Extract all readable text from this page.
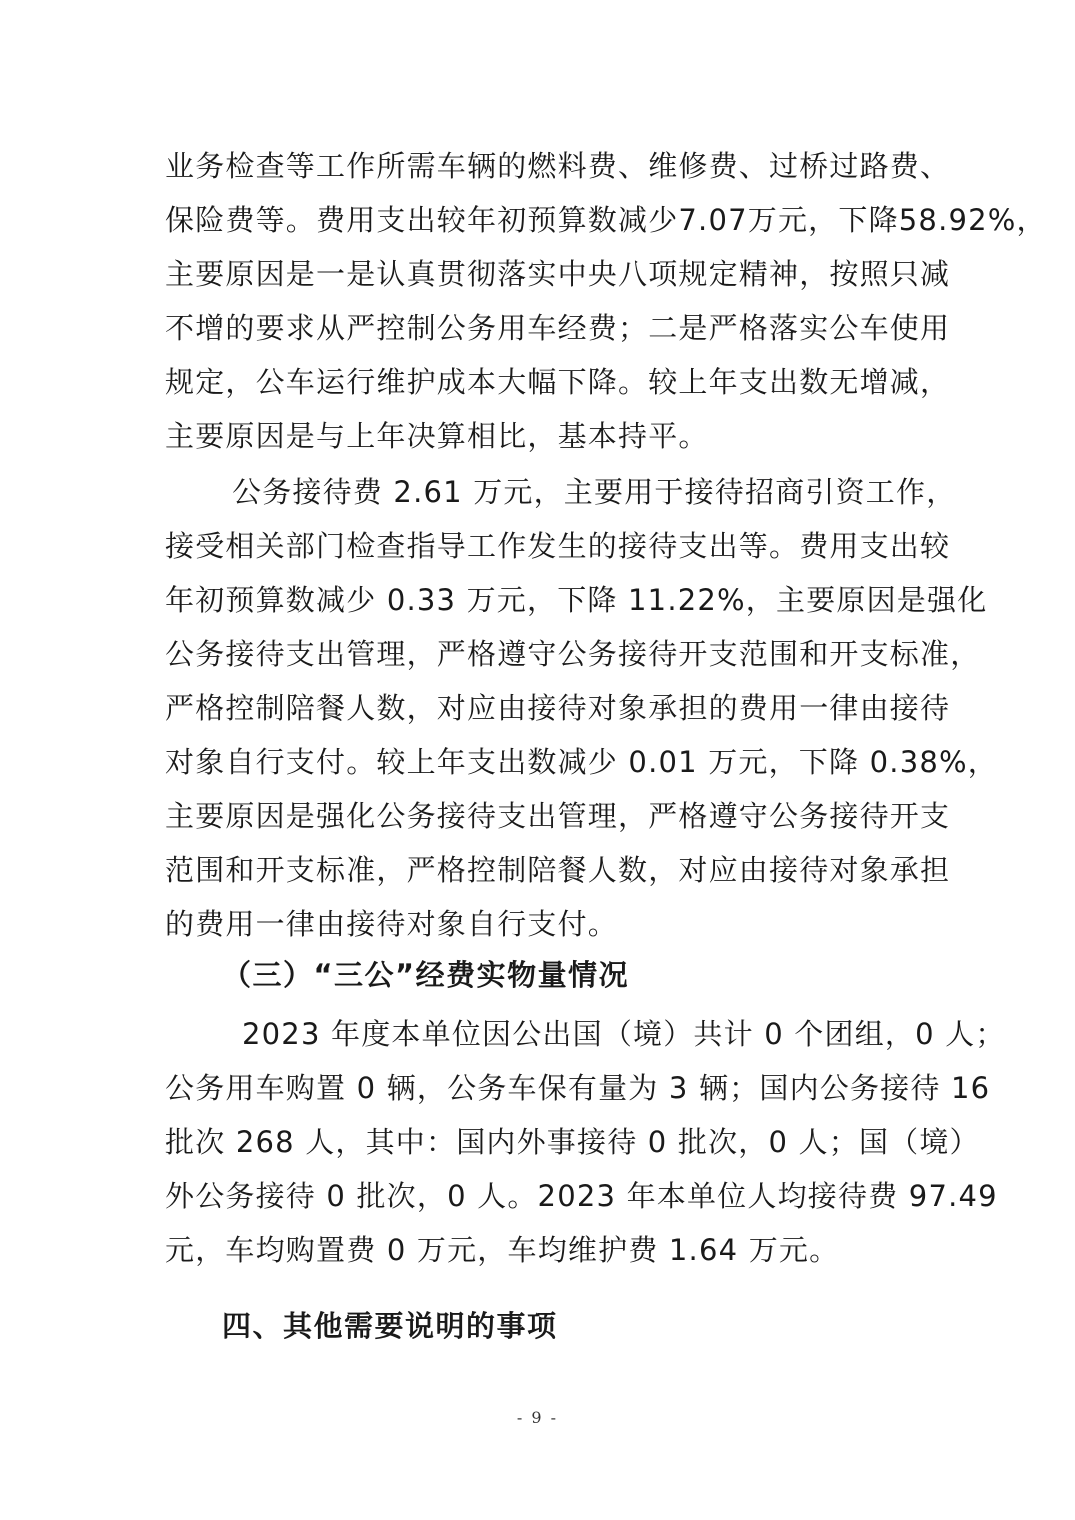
业务检查等工作所需车辆的燃料费、维修费、过桥过路费、
保险费等。费用支出较年初预算数减少7.07万元，下降58.92%，
主要原因是一是认真贯彻落实中央八项规定精神，按照只减
不增的要求从严控制公务用车经费；二是严格落实公车使用
规定，公车运行维护成本大幅下降。较上年支出数无增减，
主要原因是与上年决算相比，基本持平。
公务接待费 2.61 万元，主要用于接待招商引资工作，
接受相关部门检查指导工作发生的接待支出等。费用支出较
年初预算数减少 0.33 万元，下降 11.22%，主要原因是强化
公务接待支出管理，严格遵守公务接待开支范围和开支标准，
严格控制陪餐人数，对应由接待对象承担的费用一律由接待
对象自行支付。较上年支出数减少 0.01 万元，下降 0.38%，
主要原因是强化公务接待支出管理，严格遵守公务接待开支
范围和开支标准，严格控制陪餐人数，对应由接待对象承担
的费用一律由接待对象自行支付。
（三）“三公”经费实物量情况
2023 年度本单位因公出国（境）共计 0 个团组，0 人；
公务用车购置 0 辆，公务车保有量为 3 辆；国内公务接待 16
批次 268 人，其中：国内外事接待 0 批次，0 人；国（境）
外公务接待 0 批次，0 人。2023 年本单位人均接待费 97.49
元，车均购置费 0 万元，车均维护费 1.64 万元。
四、其他需要说明的事项
- 9 -
